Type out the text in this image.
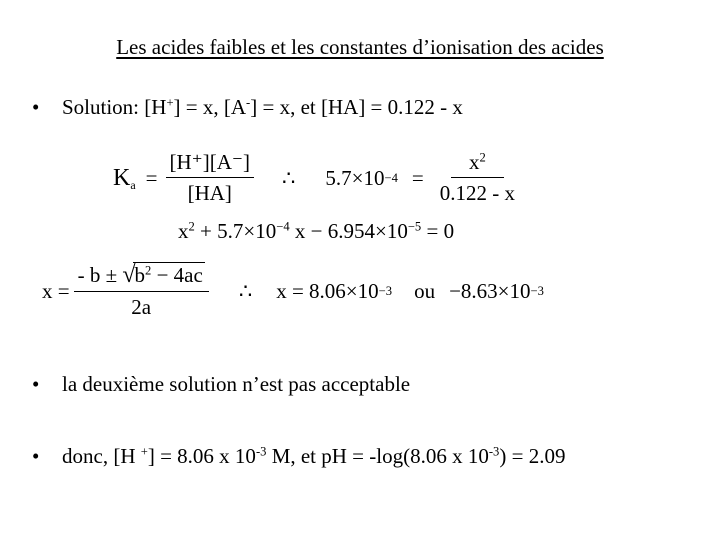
Les acides faibles et les constantes d’ionisation des acides
• Solution: [H+] = x, [A-] = x, et [HA] = 0.122 - x
K $a = \frac{[H^+][A^-]}{[HA]}$ ∴ $5.7\times 10 -4 = \frac{x^2}{0.122 - x}$
$x^2 + 5.7\times 10^{-4}$ $x - 6.954\times 10^{-5} = 0$
$x = \frac{- b \pm √b^2 - 4ac}{2a}$ ∴ x = 8.06×10 −3 ou −8.63×10 −3
• la deuxième solution n’est pas acceptable
• donc, [H +] = 8.06 x $10^{-3}$ M, et pH = -log(8.06 x $10^{-3}) = 2.09$
